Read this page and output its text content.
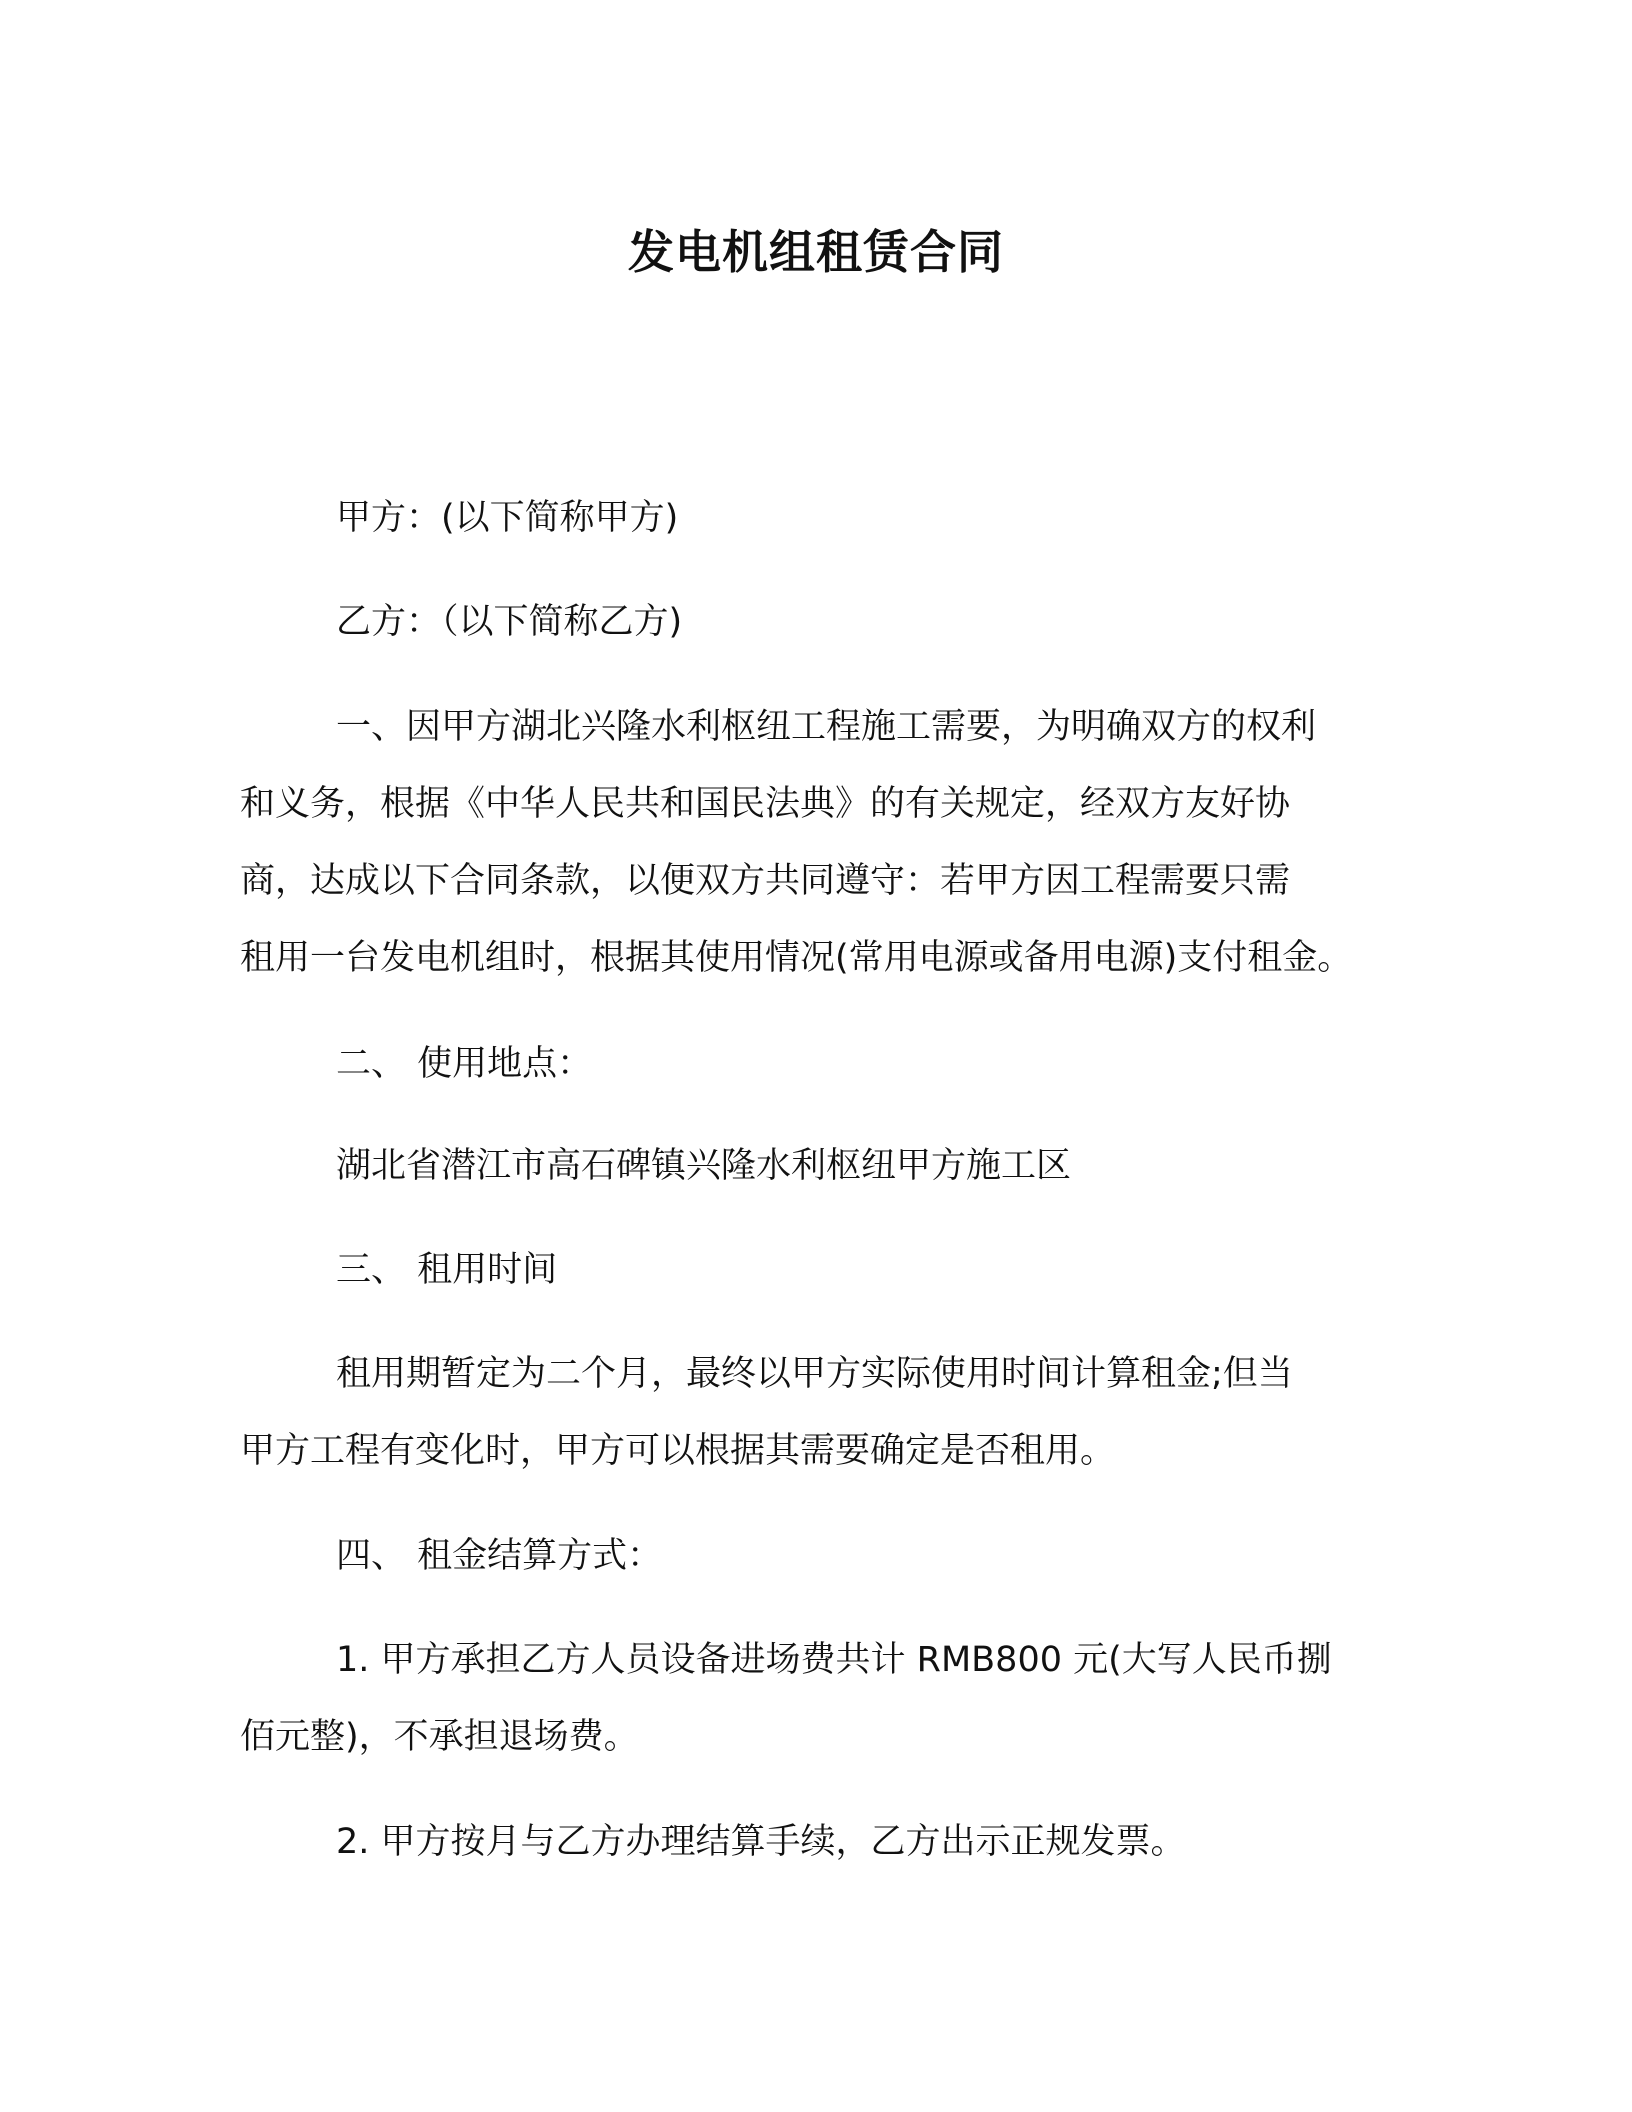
发电机组租赁合同
甲方：(以下简称甲方)
乙方：（以下简称乙方)
一、因甲方湖北兴隆水利枢纽工程施工需要，为明确双方的权利
和义务，根据《中华人民共和国民法典》的有关规定，经双方友好协
商，达成以下合同条款，以便双方共同遵守：若甲方因工程需要只需
租用一台发电机组时，根据其使用情况(常用电源或备用电源)支付租金。
二、 使用地点：
湖北省潜江市高石碑镇兴隆水利枢纽甲方施工区
三、 租用时间
租用期暂定为二个月，最终以甲方实际使用时间计算租金;但当
甲方工程有变化时，甲方可以根据其需要确定是否租用。
四、 租金结算方式：
1. 甲方承担乙方人员设备进场费共计 RMB800 元(大写人民币捌
佰元整)，不承担退场费。
2. 甲方按月与乙方办理结算手续，乙方出示正规发票。
